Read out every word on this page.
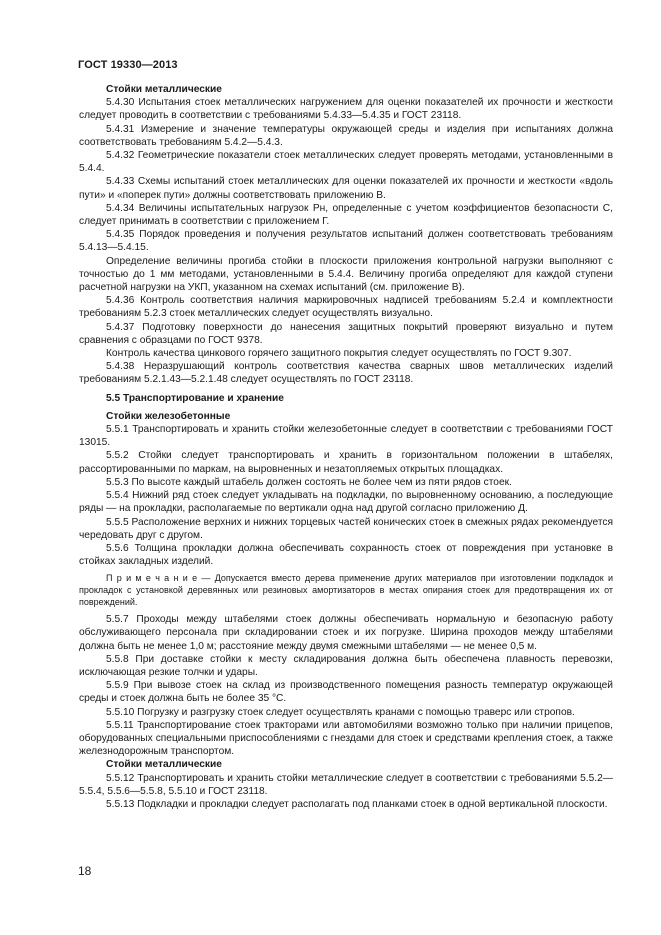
ГОСТ 19330—2013

Стойки металлические

5.4.30 Испытания стоек металлических нагружением для оценки показателей их прочности и жесткости следует проводить в соответствии с требованиями 5.4.33—5.4.35 и ГОСТ 23118.

5.4.31 Измерение и значение температуры окружающей среды и изделия при испытаниях должна соответствовать требованиям 5.4.2—5.4.3.

5.4.32 Геометрические показатели стоек металлических следует проверять методами, установленными в 5.4.4.

5.4.33 Схемы испытаний стоек металлических для оценки показателей их прочности и жесткости «вдоль пути» и «поперек пути» должны соответствовать приложению В.

5.4.34 Величины испытательных нагрузок Pн, определенные с учетом коэффициентов безопасности С, следует принимать в соответствии с приложением Г.

5.4.35 Порядок проведения и получения результатов испытаний должен соответствовать требованиям 5.4.13—5.4.15.

Определение величины прогиба стойки в плоскости приложения контрольной нагрузки выполняют с точностью до 1 мм методами, установленными в 5.4.4. Величину прогиба определяют для каждой ступени расчетной нагрузки на УКП, указанном на схемах испытаний (см. приложение В).

5.4.36 Контроль соответствия наличия маркировочных надписей требованиям 5.2.4 и комплектности требованиям 5.2.3 стоек металлических следует осуществлять визуально.

5.4.37 Подготовку поверхности до нанесения защитных покрытий проверяют визуально и путем сравнения с образцами по ГОСТ 9378.

Контроль качества цинкового горячего защитного покрытия следует осуществлять по ГОСТ 9.307.

5.4.38 Неразрушающий контроль соответствия качества сварных швов металлических изделий требованиям 5.2.1.43—5.2.1.48 следует осуществлять по ГОСТ 23118.

5.5 Транспортирование и хранение

Стойки железобетонные

5.5.1 Транспортировать и хранить стойки железобетонные следует в соответствии с требованиями ГОСТ 13015.

5.5.2 Стойки следует транспортировать и хранить в горизонтальном положении в штабелях, рассортированными по маркам, на выровненных и незатопляемых открытых площадках.

5.5.3 По высоте каждый штабель должен состоять не более чем из пяти рядов стоек.

5.5.4 Нижний ряд стоек следует укладывать на подкладки, по выровненному основанию, а последующие ряды — на прокладки, располагаемые по вертикали одна над другой согласно приложению Д.

5.5.5 Расположение верхних и нижних торцевых частей конических стоек в смежных рядах рекомендуется чередовать друг с другом.

5.5.6 Толщина прокладки должна обеспечивать сохранность стоек от повреждения при установке в стойках закладных изделий.

П р и м е ч а н и е — Допускается вместо дерева применение других материалов при изготовлении подкладок и прокладок с установкой деревянных или резиновых амортизаторов в местах опирания стоек для предотвращения их от повреждений.

5.5.7 Проходы между штабелями стоек должны обеспечивать нормальную и безопасную работу обслуживающего персонала при складировании стоек и их погрузке. Ширина проходов между штабелями должна быть не менее 1,0 м; расстояние между двумя смежными штабелями — не менее 0,5 м.

5.5.8 При доставке стойки к месту складирования должна быть обеспечена плавность перевозки, исключающая резкие толчки и удары.

5.5.9 При вывозе стоек на склад из производственного помещения разность температур окружающей среды и стоек должна быть не более 35 °С.

5.5.10 Погрузку и разгрузку стоек следует осуществлять кранами с помощью траверс или стропов.

5.5.11 Транспортирование стоек тракторами или автомобилями возможно только при наличии прицепов, оборудованных специальными приспособлениями с гнездами для стоек и средствами крепления стоек, а также железнодорожным транспортом.

Стойки металлические

5.5.12 Транспортировать и хранить стойки металлические следует в соответствии с требованиями 5.5.2—5.5.4, 5.5.6—5.5.8, 5.5.10 и ГОСТ 23118.

5.5.13 Подкладки и прокладки следует располагать под планками стоек в одной вертикальной плоскости.

18
